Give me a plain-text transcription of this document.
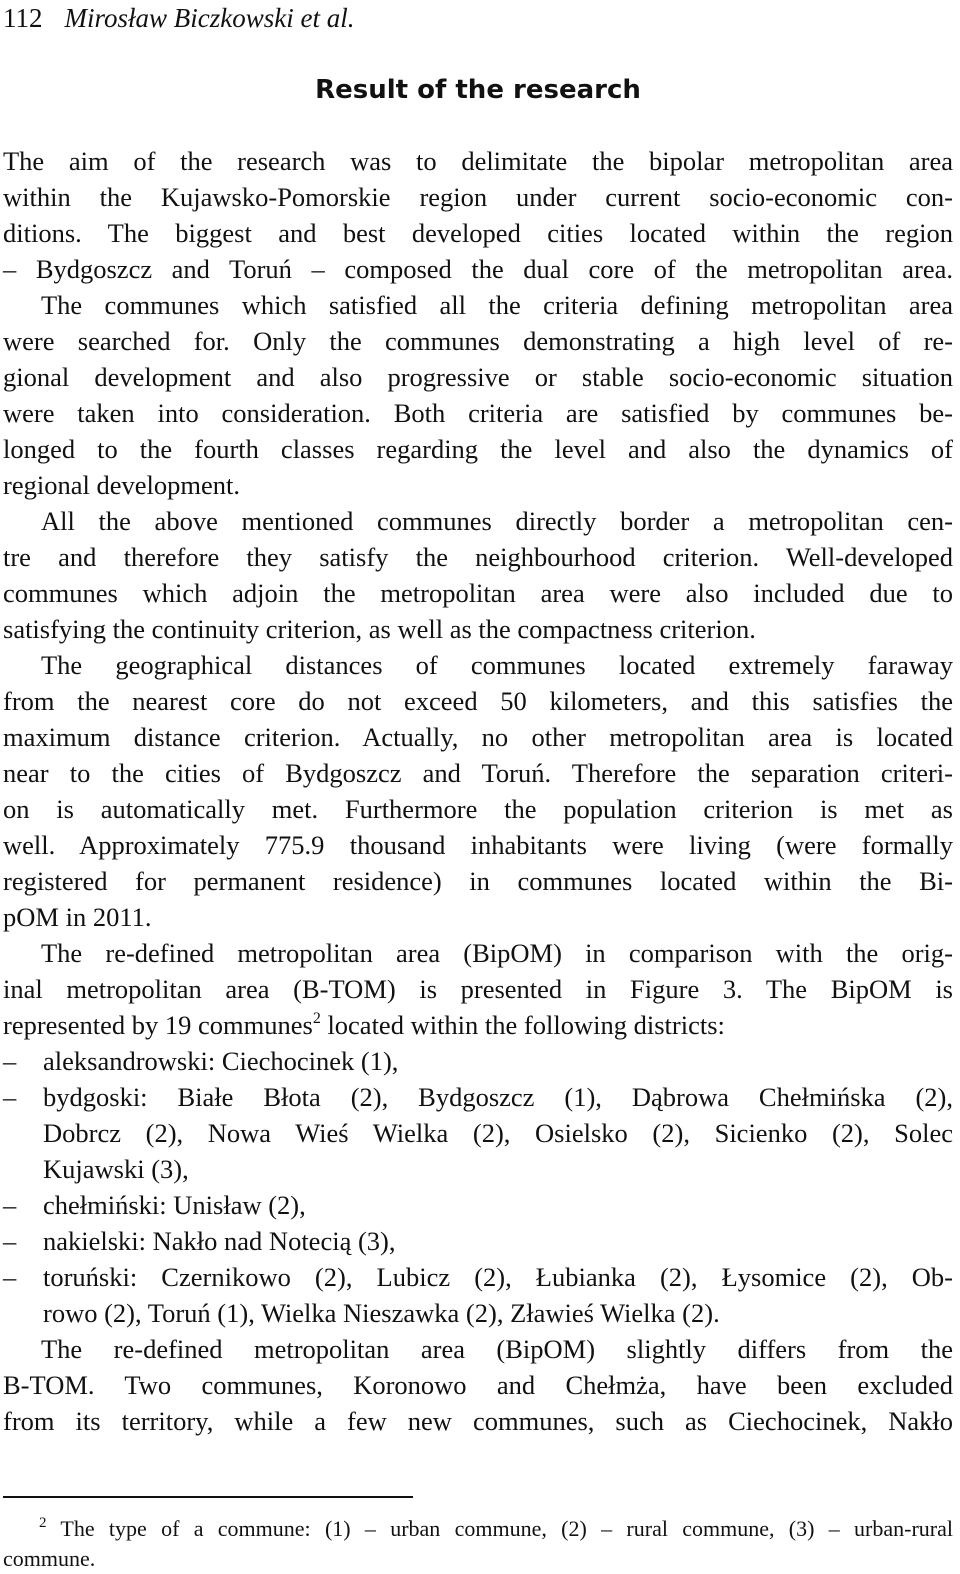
112 Mirosław Biczkowski et al.
Result of the research
The aim of the research was to delimitate the bipolar metropolitan area
within the Kujawsko-Pomorskie region under current socio-economic con-
ditions. The biggest and best developed cities located within the region
– Bydgoszcz and Toruń – composed the dual core of the metropolitan area.
The communes which satisfied all the criteria defining metropolitan area
were searched for. Only the communes demonstrating a high level of re-
gional development and also progressive or stable socio-economic situation
were taken into consideration. Both criteria are satisfied by communes be-
longed to the fourth classes regarding the level and also the dynamics of
regional development.
All the above mentioned communes directly border a metropolitan cen-
tre and therefore they satisfy the neighbourhood criterion. Well-developed
communes which adjoin the metropolitan area were also included due to
satisfying the continuity criterion, as well as the compactness criterion.
The geographical distances of communes located extremely faraway
from the nearest core do not exceed 50 kilometers, and this satisfies the
maximum distance criterion. Actually, no other metropolitan area is located
near to the cities of Bydgoszcz and Toruń. Therefore the separation criteri-
on is automatically met. Furthermore the population criterion is met as
well. Approximately 775.9 thousand inhabitants were living (were formally
registered for permanent residence) in communes located within the Bi-
pOM in 2011.
The re-defined metropolitan area (BipOM) in comparison with the orig-
inal metropolitan area (B-TOM) is presented in Figure 3. The BipOM is
represented by 19 communes$^2$ located within the following districts:
–	aleksandrowski: Ciechocinek (1),
–	bydgoski: Białe Błota (2), Bydgoszcz (1), Dąbrowa Chełmińska (2),
Dobrcz (2), Nowa Wieś Wielka (2), Osielsko (2), Sicienko (2), Solec
Kujawski (3),
–	chełmiński: Unisław (2),
–	nakielski: Nakło nad Notecią (3),
–	toruński: Czernikowo (2), Lubicz (2), Łubianka (2), Łysomice (2), Ob-
rowo (2), Toruń (1), Wielka Nieszawka (2), Zławieś Wielka (2).
The re-defined metropolitan area (BipOM) slightly differs from the
B-TOM. Two communes, Koronowo and Chełmża, have been excluded
from its territory, while a few new communes, such as Ciechocinek, Nakło
$^2$ The type of a commune: (1) – urban commune, (2) – rural commune, (3) – urban-rural
commune.
